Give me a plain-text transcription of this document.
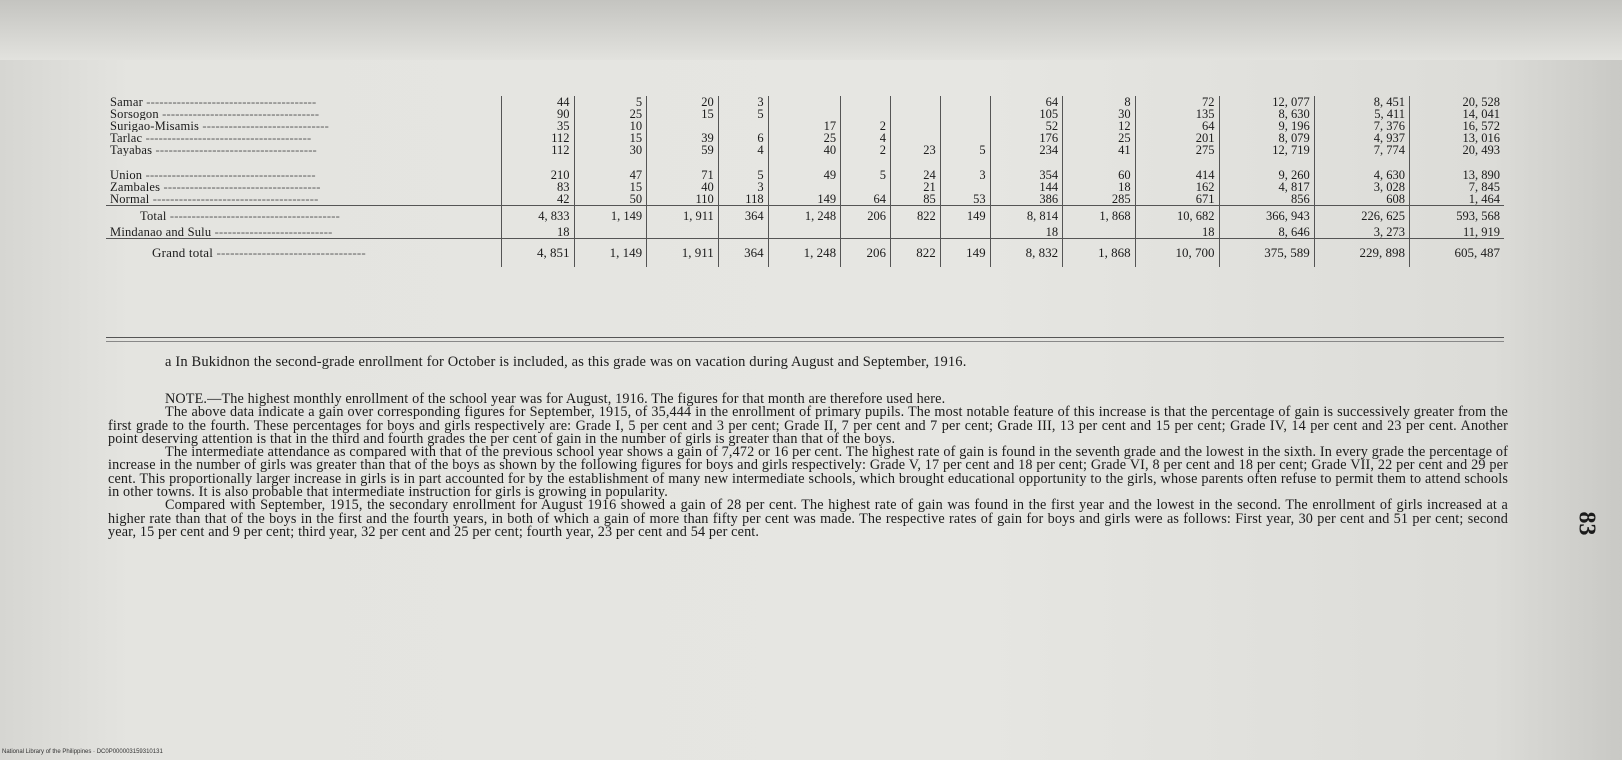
Samar ---------------------------------------	44	5	20	3					64	8	72	12, 077	8, 451	20, 528
Sorsogon ------------------------------------	90	25	15	5					105	30	135	8, 630	5, 411	14, 041
Surigao-Misamis -----------------------------	35	10			17	2			52	12	64	9, 196	7, 376	16, 572
Tarlac --------------------------------------	112	15	39	6	25	4			176	25	201	8, 079	4, 937	13, 016
Tayabas -------------------------------------	112	30	59	4	40	2	23	5	234	41	275	12, 719	7, 774	20, 493

Union ---------------------------------------	210	47	71	5	49	5	24	3	354	60	414	9, 260	4, 630	13, 890
Zambales ------------------------------------	83	15	40	3			21		144	18	162	4, 817	3, 028	7, 845
Normal --------------------------------------	42	50	110	118	149	64	85	53	386	285	671	856	608	1, 464
Total ---------------------------------------	4, 833	1, 149	1, 911	364	1, 248	206	822	149	8, 814	1, 868	10, 682	366, 943	226, 625	593, 568
Mindanao and Sulu ---------------------------	18								18		18	8, 646	3, 273	11, 919
Grand total ---------------------------------	4, 851	1, 149	1, 911	364	1, 248	206	822	149	8, 832	1, 868	10, 700	375, 589	229, 898	605, 487
a In Bukidnon the second-grade enrollment for October is included, as this grade was on vacation during August and September, 1916.

NOTE.—The highest monthly enrollment of the school year was for August, 1916. The figures for that month are therefore used here.

The above data indicate a gain over corresponding figures for September, 1915, of 35,444 in the enrollment of primary pupils. The most notable feature of this increase is that the percentage of gain is successively greater from the first grade to the fourth. These percentages for boys and girls respectively are: Grade I, 5 per cent and 3 per cent; Grade II, 7 per cent and 7 per cent; Grade III, 13 per cent and 15 per cent; Grade IV, 14 per cent and 23 per cent. Another point deserving attention is that in the third and fourth grades the per cent of gain in the number of girls is greater than that of the boys.

The intermediate attendance as compared with that of the previous school year shows a gain of 7,472 or 16 per cent. The highest rate of gain is found in the seventh grade and the lowest in the sixth. In every grade the percentage of increase in the number of girls was greater than that of the boys as shown by the following figures for boys and girls respectively: Grade V, 17 per cent and 18 per cent; Grade VI, 8 per cent and 18 per cent; Grade VII, 22 per cent and 29 per cent. This proportionally larger increase in girls is in part accounted for by the establishment of many new intermediate schools, which brought educational opportunity to the girls, whose parents often refuse to permit them to attend schools in other towns. It is also probable that intermediate instruction for girls is growing in popularity.

Compared with September, 1915, the secondary enrollment for August 1916 showed a gain of 28 per cent. The highest rate of gain was found in the first year and the lowest in the second. The enrollment of girls increased at a higher rate than that of the boys in the first and the fourth years, in both of which a gain of more than fifty per cent was made. The respective rates of gain for boys and girls were as follows: First year, 30 per cent and 51 per cent; second year, 15 per cent and 9 per cent; third year, 32 per cent and 25 per cent; fourth year, 23 per cent and 54 per cent.	83
National Library of the Philippines · DC0P000003159310131
